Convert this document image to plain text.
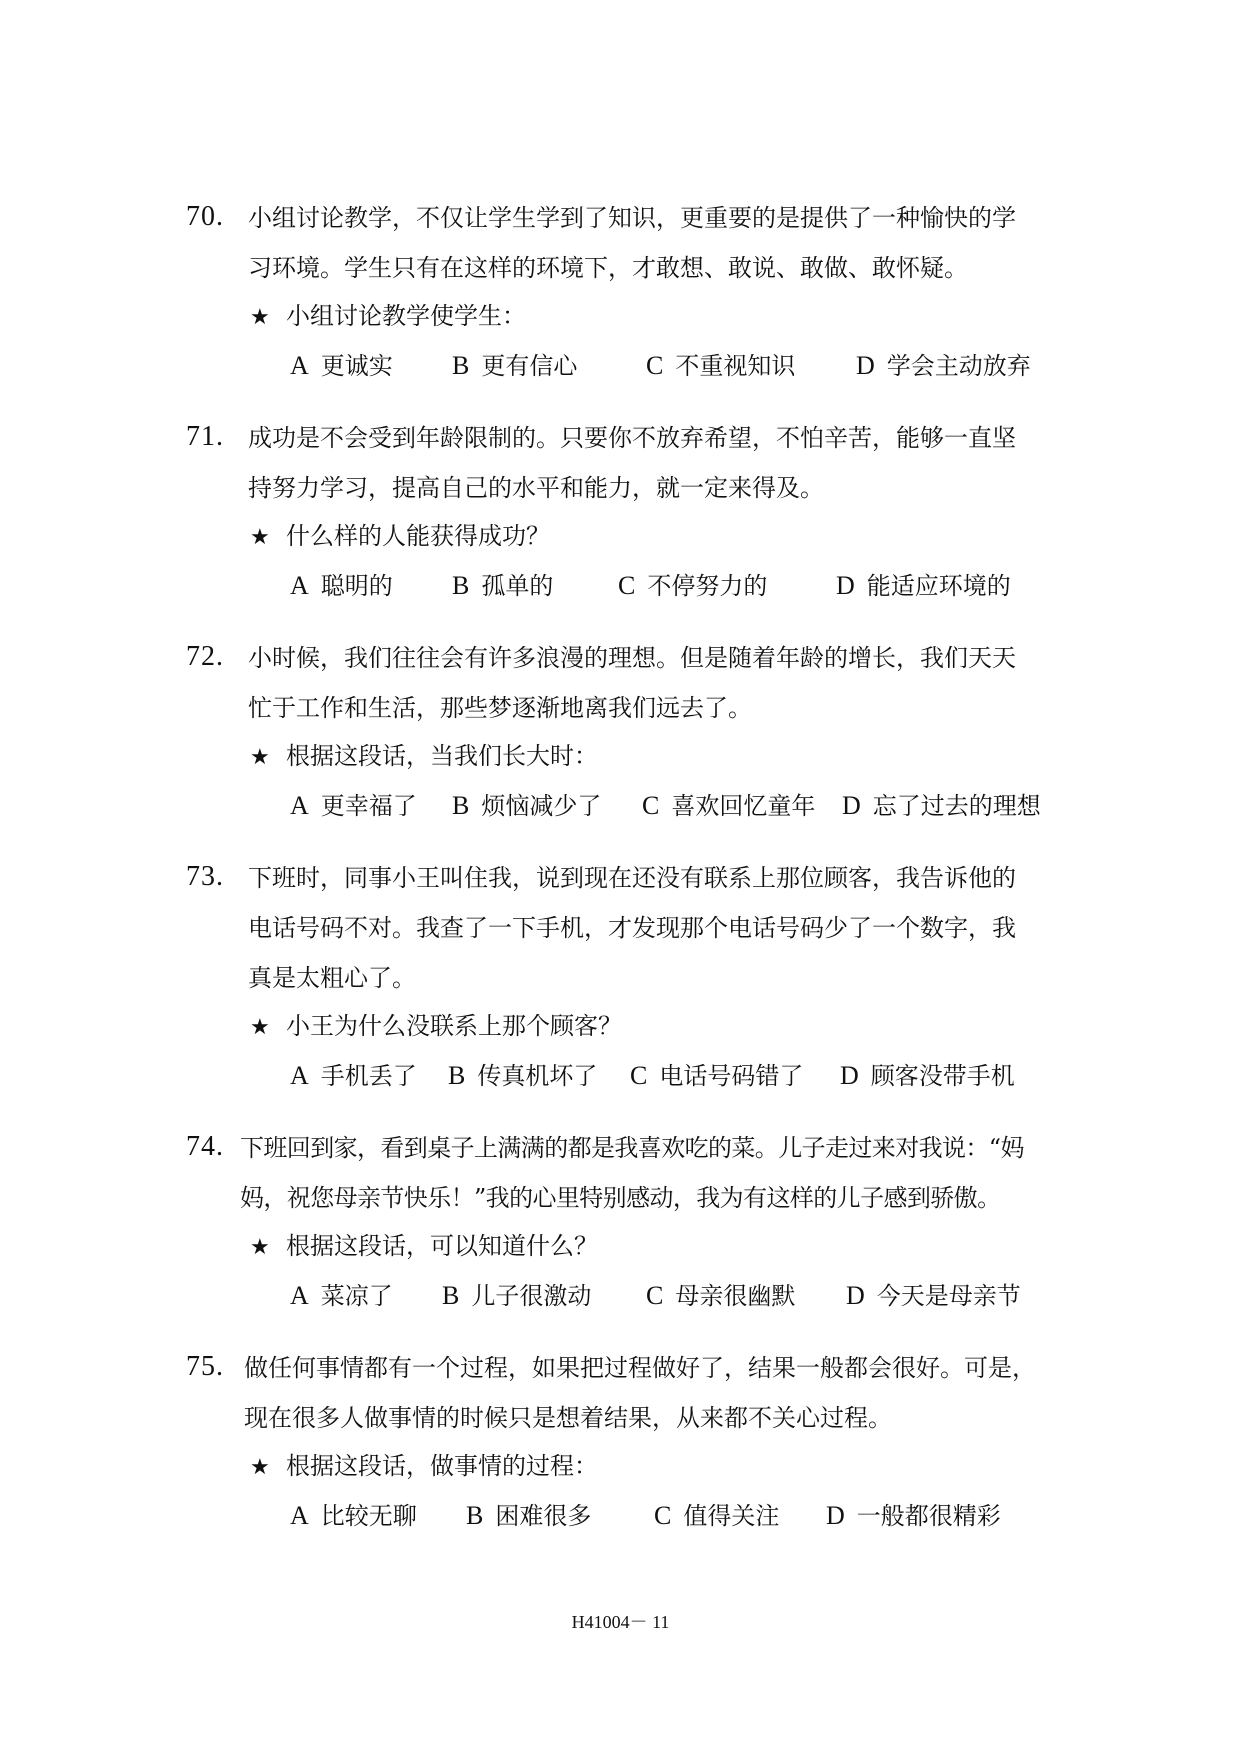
70. 小组讨论教学，不仅让学生学到了知识，更重要的是提供了一种愉快的学
习环境。学生只有在这样的环境下，才敢想、敢说、敢做、敢怀疑。
★ 小组讨论教学使学生：
A 更诚实 B 更有信心	C 不重视知识 D 学会主动放弃
71. 成功是不会受到年龄限制的。只要你不放弃希望，不怕辛苦，能够一直坚
持努力学习，提高自己的水平和能力，就一定来得及。
★ 什么样的人能获得成功？
A 聪明的 B 孤单的 C 不停努力的	D 能适应环境的
72. 小时候，我们往往会有许多浪漫的理想。但是随着年龄的增长，我们天天
忙于工作和生活，那些梦逐渐地离我们远去了。
★ 根据这段话，当我们长大时：
A 更幸福了 B 烦恼减少了 C 喜欢回忆童年 D 忘了过去的理想
73. 下班时，同事小王叫住我，说到现在还没有联系上那位顾客，我告诉他的
电话号码不对。我查了一下手机，才发现那个电话号码少了一个数字，我
真是太粗心了。
★ 小王为什么没联系上那个顾客？
A 手机丢了 B 传真机坏了 C 电话号码错了 D 顾客没带手机
74. 下班回到家，看到桌子上满满的都是我喜欢吃的菜。儿子走过来对我说：“妈
妈，祝您母亲节快乐！”我的心里特别感动，我为有这样的儿子感到骄傲。
★ 根据这段话，可以知道什么？
A 菜凉了 B 儿子很激动 C 母亲很幽默 D 今天是母亲节
75. 做任何事情都有一个过程，如果把过程做好了，结果一般都会很好。可是，
现在很多人做事情的时候只是想着结果，从来都不关心过程。
★ 根据这段话，做事情的过程：
A 比较无聊 B 困难很多 C 值得关注 D 一般都很精彩
H41004－ 11
